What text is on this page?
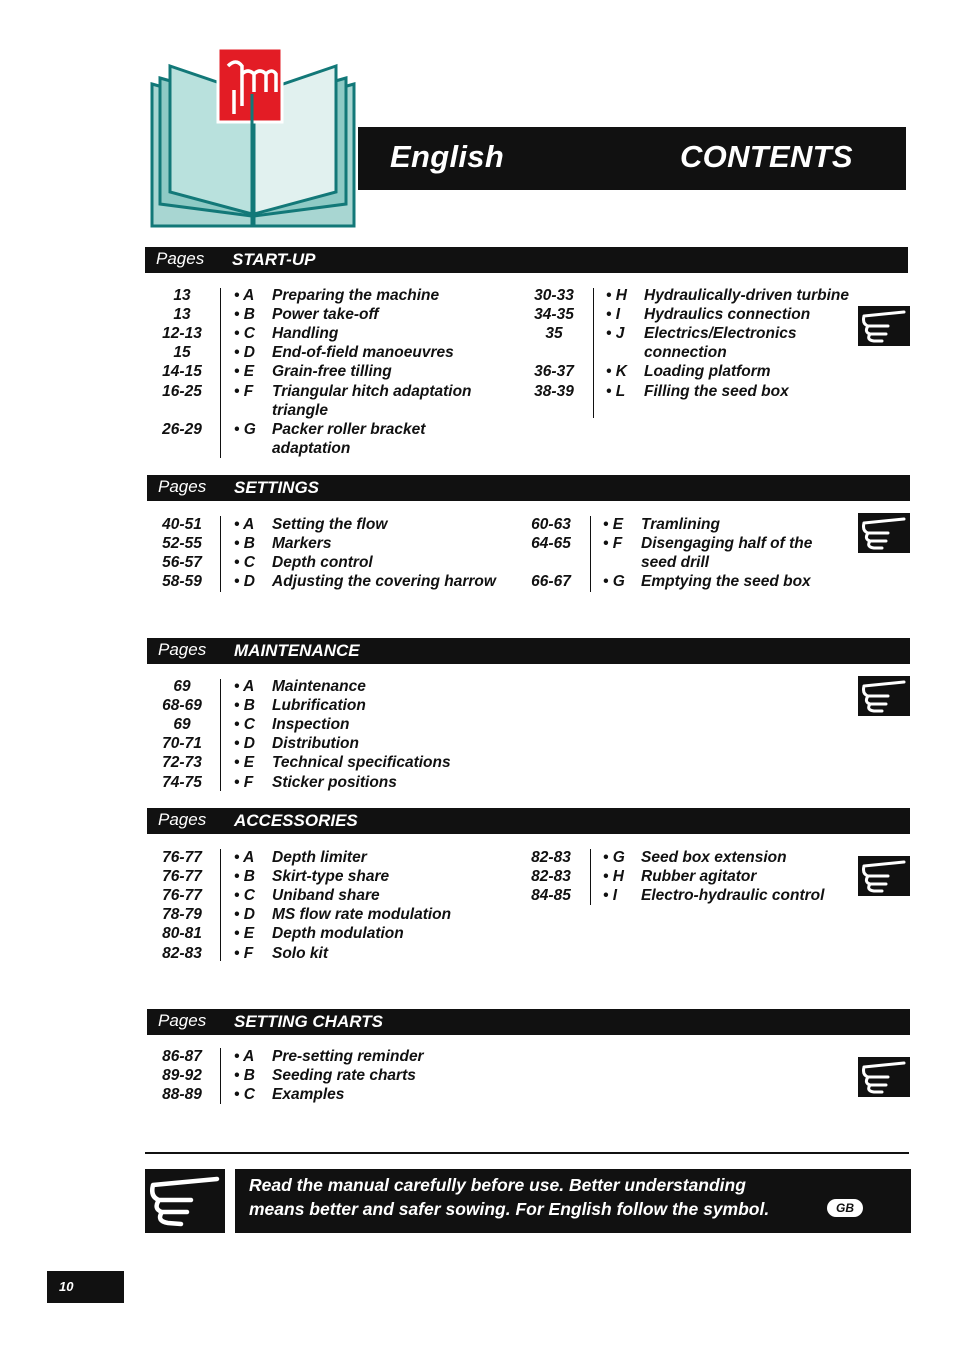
English	CONTENTS
Pages START-UP
Pages SETTINGS
Pages MAINTENANCE
Pages ACCESSORIES
Pages SETTING CHARTS
13	• A Preparing the machine
13	• B Power take-off
12-13	• C Handling
15	• D End-of-field manoeuvres
14-15	• E Grain-free tilling
16-25	• F Triangular hitch adaptation
triangle
26-29	• G Packer roller bracket
adaptation
30-33	• H Hydraulically-driven turbine
34-35	• I Hydraulics connection
35	• J Electrics/Electronics
connection
36-37	• K Loading platform
38-39	• L Filling the seed box
40-51	• A Setting the flow
52-55	• B Markers
56-57	• C Depth control
58-59	• D Adjusting the covering harrow
60-63	• E Tramlining
64-65	• F Disengaging half of the
seed drill
66-67	• G Emptying the seed box
69	• A Maintenance
68-69	• B Lubrification
69	• C Inspection
70-71	• D Distribution
72-73	• E Technical specifications
74-75	• F Sticker positions
76-77	• A Depth limiter
76-77	• B Skirt-type share
76-77	• C Uniband share
78-79	• D MS flow rate modulation
80-81	• E Depth modulation
82-83	• F Solo kit
82-83	• G Seed box extension
82-83	• H Rubber agitator
84-85	• I Electro-hydraulic control
86-87	• A Pre-setting reminder
89-92	• B Seeding rate charts
88-89	• C Examples
Read the manual carefully before use. Better understanding
means better and safer sowing. For English follow the symbol.	GB
10
